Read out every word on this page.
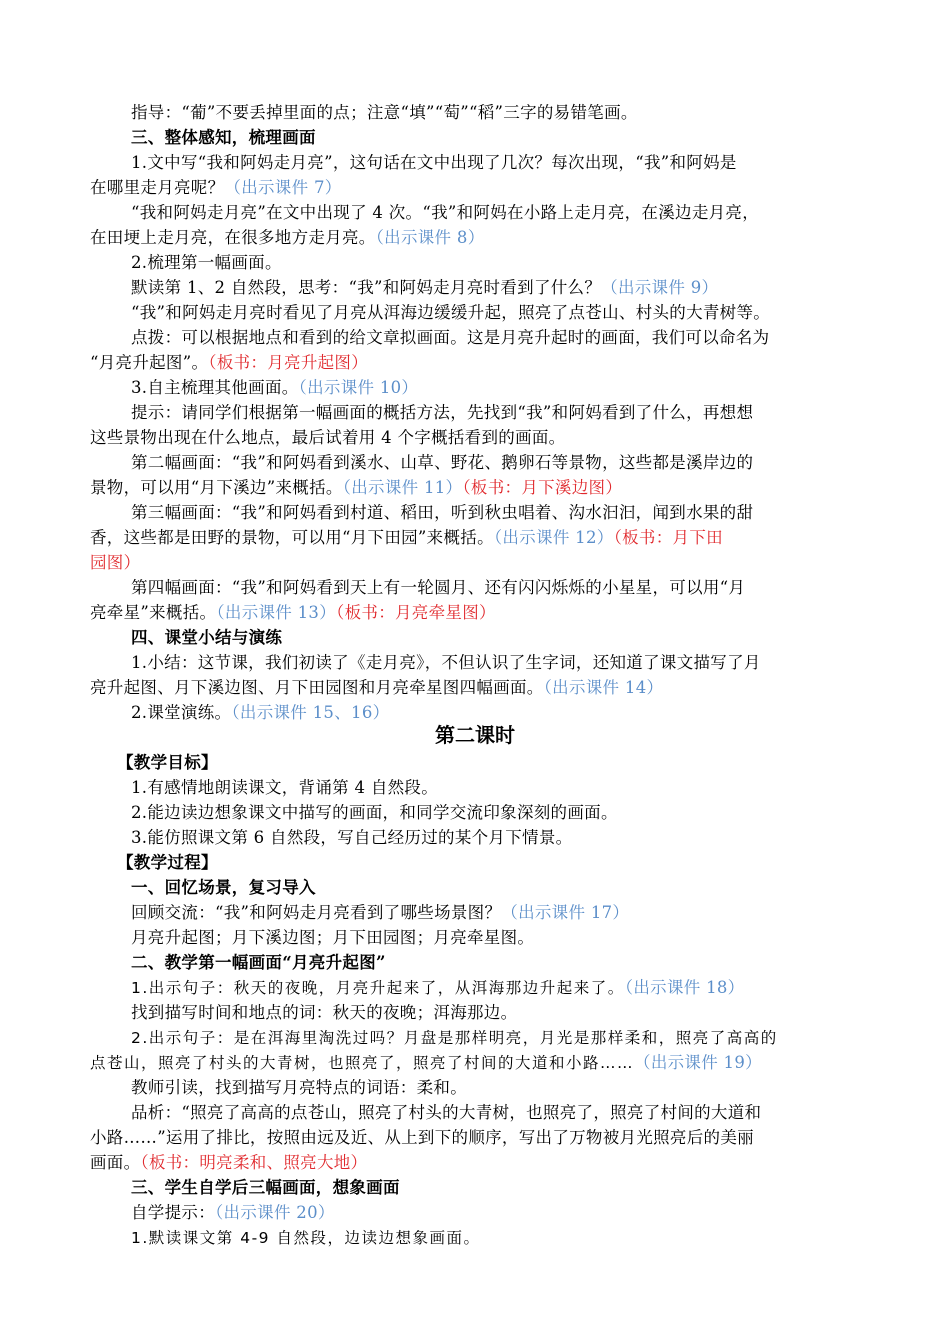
指导：“葡”不要丢掉里面的点；注意“填”“萄”“稻”三字的易错笔画。
三、整体感知，梳理画面
1.文中写“我和阿妈走月亮”，这句话在文中出现了几次？每次出现，“我”和阿妈是
在哪里走月亮呢？（出示课件 7）
“我和阿妈走月亮”在文中出现了 4 次。“我”和阿妈在小路上走月亮，在溪边走月亮，
在田埂上走月亮，在很多地方走月亮。（出示课件 8）
2.梳理第一幅画面。
默读第 1、2 自然段，思考：“我”和阿妈走月亮时看到了什么？（出示课件 9）
“我”和阿妈走月亮时看见了月亮从洱海边缓缓升起，照亮了点苍山、村头的大青树等。
点拨：可以根据地点和看到的给文章拟画面。这是月亮升起时的画面，我们可以命名为
“月亮升起图”。（板书：月亮升起图）
3.自主梳理其他画面。（出示课件 10）
提示：请同学们根据第一幅画面的概括方法，先找到“我”和阿妈看到了什么，再想想
这些景物出现在什么地点，最后试着用 4 个字概括看到的画面。
第二幅画面：“我”和阿妈看到溪水、山草、野花、鹅卵石等景物，这些都是溪岸边的
景物，可以用“月下溪边”来概括。（出示课件 11）（板书：月下溪边图）
第三幅画面：“我”和阿妈看到村道、稻田，听到秋虫唱着、沟水汩汩，闻到水果的甜
香，这些都是田野的景物，可以用“月下田园”来概括。（出示课件 12）（板书：月下田
园图）
第四幅画面：“我”和阿妈看到天上有一轮圆月、还有闪闪烁烁的小星星，可以用“月
亮牵星”来概括。（出示课件 13）（板书：月亮牵星图）
四、课堂小结与演练
1.小结：这节课，我们初读了《走月亮》，不但认识了生字词，还知道了课文描写了月
亮升起图、月下溪边图、月下田园图和月亮牵星图四幅画面。（出示课件 14）
2.课堂演练。（出示课件 15、16）
第二课时
【教学目标】
1.有感情地朗读课文，背诵第 4 自然段。
2.能边读边想象课文中描写的画面，和同学交流印象深刻的画面。
3.能仿照课文第 6 自然段，写自己经历过的某个月下情景。
【教学过程】
一、回忆场景，复习导入
回顾交流：“我”和阿妈走月亮看到了哪些场景图？（出示课件 17）
月亮升起图；月下溪边图；月下田园图；月亮牵星图。
二、教学第一幅画面“月亮升起图”
1.出示句子：秋天的夜晚，月亮升起来了，从洱海那边升起来了。（出示课件 18）
找到描写时间和地点的词：秋天的夜晚；洱海那边。
2.出示句子：是在洱海里淘洗过吗？月盘是那样明亮，月光是那样柔和，照亮了高高的
点苍山，照亮了村头的大青树，也照亮了，照亮了村间的大道和小路……（出示课件 19）
教师引读，找到描写月亮特点的词语：柔和。
品析：“照亮了高高的点苍山，照亮了村头的大青树，也照亮了，照亮了村间的大道和
小路……”运用了排比，按照由远及近、从上到下的顺序，写出了万物被月光照亮后的美丽
画面。（板书：明亮柔和、照亮大地）
三、学生自学后三幅画面，想象画面
自学提示：（出示课件 20）
1.默读课文第 4-9 自然段，边读边想象画面。
